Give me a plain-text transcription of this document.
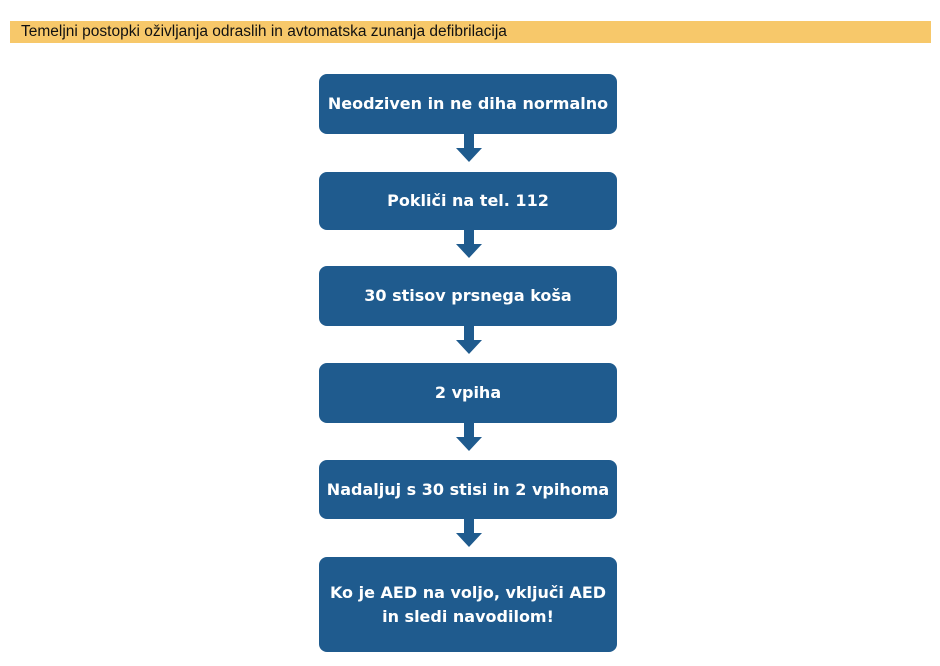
Temeljni postopki oživljanja odraslih in avtomatska zunanja defibrilacija
Neodziven in ne diha normalno
Pokliči na tel. 112
30 stisov prsnega koša
2 vpiha
Nadaljuj s 30 stisi in 2 vpihoma
Ko je AED na voljo, vključi AED in sledi navodilom!
